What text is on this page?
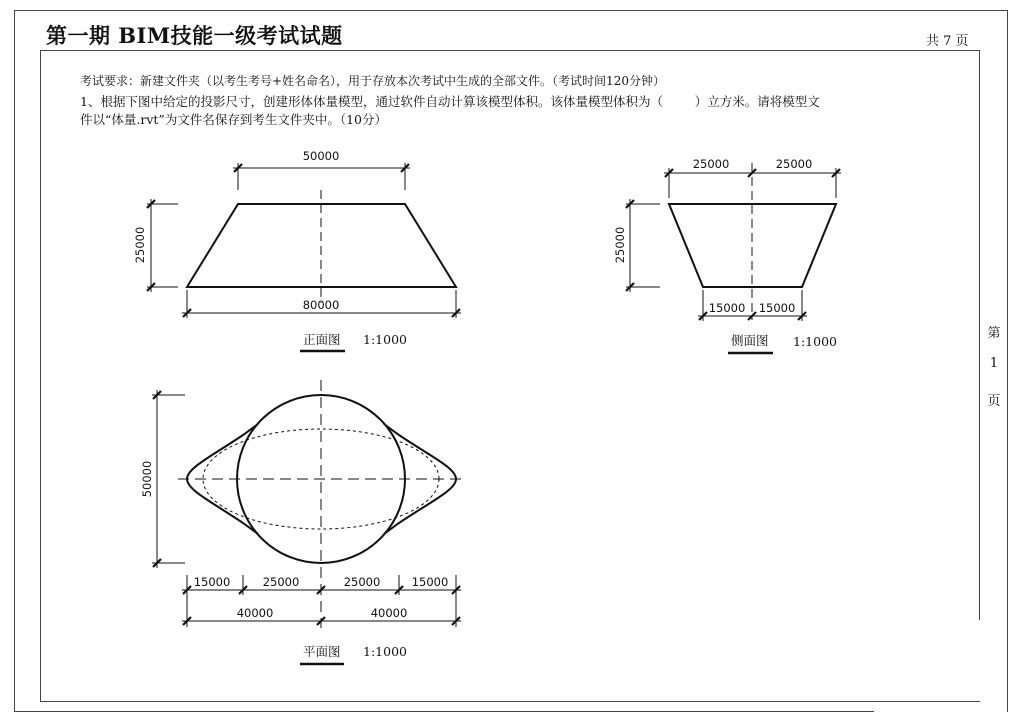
第一期 BIM技能一级考试试题	共 7 页
第
1
页
考试要求：新建文件夹（以考生考号+姓名命名），用于存放本次考试中生成的全部文件。（考试时间120分钟）
1、根据下图中给定的投影尺寸，创建形体体量模型，通过软件自动计算该模型体积。该体量模型体积为（        ）立方米。请将模型文
件以“体量.rvt”为文件名保存到考生文件夹中。（10分）
50000
80000
25000
正面图 1:1000
25000	25000
15000 15000
25000
侧面图 1:1000
50000
15000	25000	25000	15000
40000	40000
平面图 1:1000
